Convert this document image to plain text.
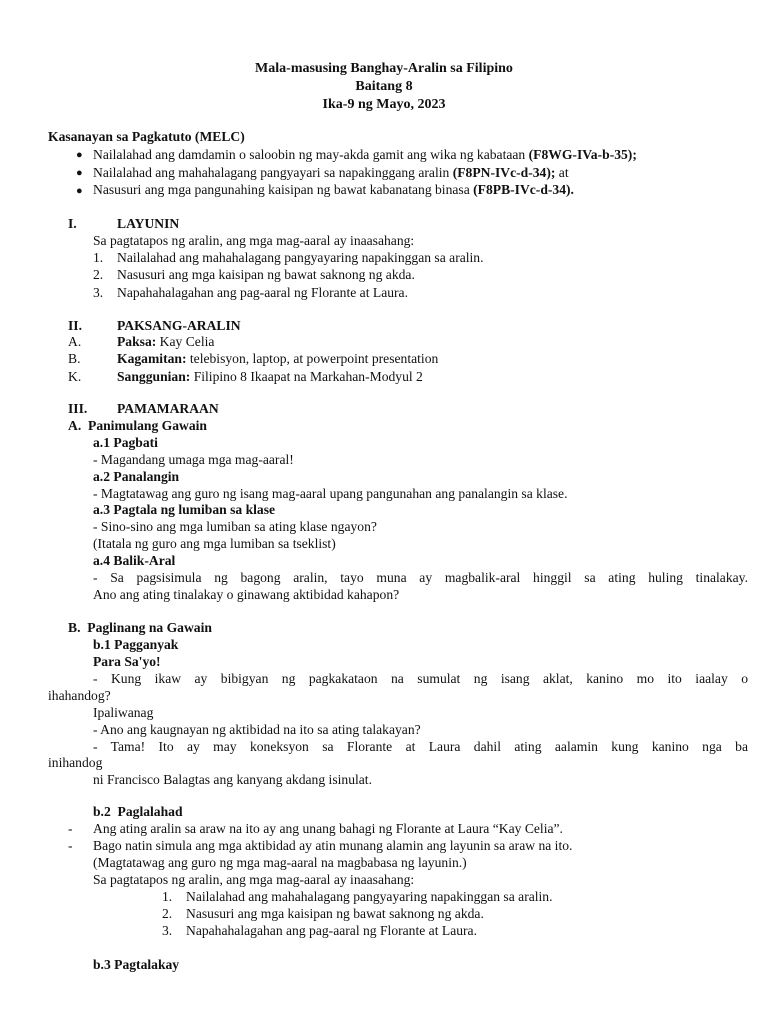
Mala-masusing Banghay-Aralin sa Filipino
Baitang 8
Ika-9 ng Mayo, 2023
Kasanayan sa Pagkatuto (MELC)
● Nailalahad ang damdamin o saloobin ng may-akda gamit ang wika ng kabataan (F8WG-IVa-b-35);
● Nailalahad ang mahahalagang pangyayari sa napakinggang aralin (F8PN-IVc-d-34); at
● Nasusuri ang mga pangunahing kaisipan ng bawat kabanatang binasa (F8PB-IVc-d-34).
I.	LAYUNIN
Sa pagtatapos ng aralin, ang mga mag-aaral ay inaasahang:
1. Nailalahad ang mahahalagang pangyayaring napakinggan sa aralin.
2. Nasusuri ang mga kaisipan ng bawat saknong ng akda.
3. Napahahalagahan ang pag-aaral ng Florante at Laura.
II.	PAKSANG-ARALIN
A.	Paksa: Kay Celia
B.	Kagamitan: telebisyon, laptop, at powerpoint presentation
K.	Sanggunian: Filipino 8 Ikaapat na Markahan-Modyul 2
III. PAMAMARAAN
A.  Panimulang Gawain
a.1 Pagbati
- Magandang umaga mga mag-aaral!
a.2 Panalangin
- Magtatawag ang guro ng isang mag-aaral upang pangunahan ang panalangin sa klase.
a.3 Pagtala ng lumiban sa klase
- Sino-sino ang mga lumiban sa ating klase ngayon?
(Itatala ng guro ang mga lumiban sa tseklist)
a.4 Balik-Aral
- Sa pagsisimula ng bagong aralin, tayo muna ay magbalik-aral hinggil sa ating huling tinalakay.
Ano ang ating tinalakay o ginawang aktibidad kahapon?
B.  Paglinang na Gawain
b.1 Pagganyak
Para Sa'yo!
- Kung ikaw ay bibigyan ng pagkakataon na sumulat ng isang aklat, kanino mo ito iaalay o
ihahandog?
Ipaliwanag
- Ano ang kaugnayan ng aktibidad na ito sa ating talakayan?
- Tama! Ito ay may koneksyon sa Florante at Laura dahil ating aalamin kung kanino nga ba
inihandog
ni Francisco Balagtas ang kanyang akdang isinulat.
b.2  Paglalahad
- Ang ating aralin sa araw na ito ay ang unang bahagi ng Florante at Laura “Kay Celia”.
- Bago natin simula ang mga aktibidad ay atin munang alamin ang layunin sa araw na ito.
(Magtatawag ang guro ng mga mag-aaral na magbabasa ng layunin.)
Sa pagtatapos ng aralin, ang mga mag-aaral ay inaasahang:
1. Nailalahad ang mahahalagang pangyayaring napakinggan sa aralin.
2. Nasusuri ang mga kaisipan ng bawat saknong ng akda.
3. Napahahalagahan ang pag-aaral ng Florante at Laura.
b.3 Pagtalakay
